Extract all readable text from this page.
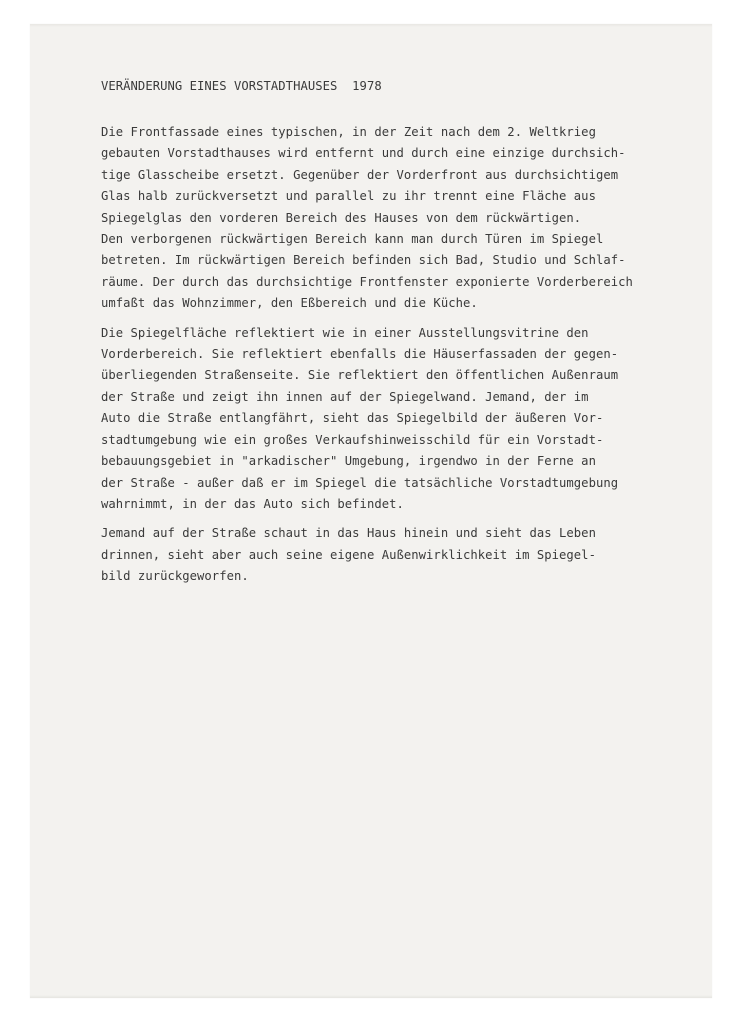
VERÄNDERUNG EINES VORSTADTHAUSES  1978
Die Frontfassade eines typischen, in der Zeit nach dem 2. Weltkrieg
gebauten Vorstadthauses wird entfernt und durch eine einzige durchsich-
tige Glasscheibe ersetzt. Gegenüber der Vorderfront aus durchsichtigem
Glas halb zurückversetzt und parallel zu ihr trennt eine Fläche aus
Spiegelglas den vorderen Bereich des Hauses von dem rückwärtigen.
Den verborgenen rückwärtigen Bereich kann man durch Türen im Spiegel
betreten. Im rückwärtigen Bereich befinden sich Bad, Studio und Schlaf-
räume. Der durch das durchsichtige Frontfenster exponierte Vorderbereich
umfaßt das Wohnzimmer, den Eßbereich und die Küche.
Die Spiegelfläche reflektiert wie in einer Ausstellungsvitrine den
Vorderbereich. Sie reflektiert ebenfalls die Häuserfassaden der gegen-
überliegenden Straßenseite. Sie reflektiert den öffentlichen Außenraum
der Straße und zeigt ihn innen auf der Spiegelwand. Jemand, der im
Auto die Straße entlangfährt, sieht das Spiegelbild der äußeren Vor-
stadtumgebung wie ein großes Verkaufshinweisschild für ein Vorstadt-
bebauungsgebiet in "arkadischer" Umgebung, irgendwo in der Ferne an
der Straße - außer daß er im Spiegel die tatsächliche Vorstadtumgebung
wahrnimmt, in der das Auto sich befindet.
Jemand auf der Straße schaut in das Haus hinein und sieht das Leben
drinnen, sieht aber auch seine eigene Außenwirklichkeit im Spiegel-
bild zurückgeworfen.
